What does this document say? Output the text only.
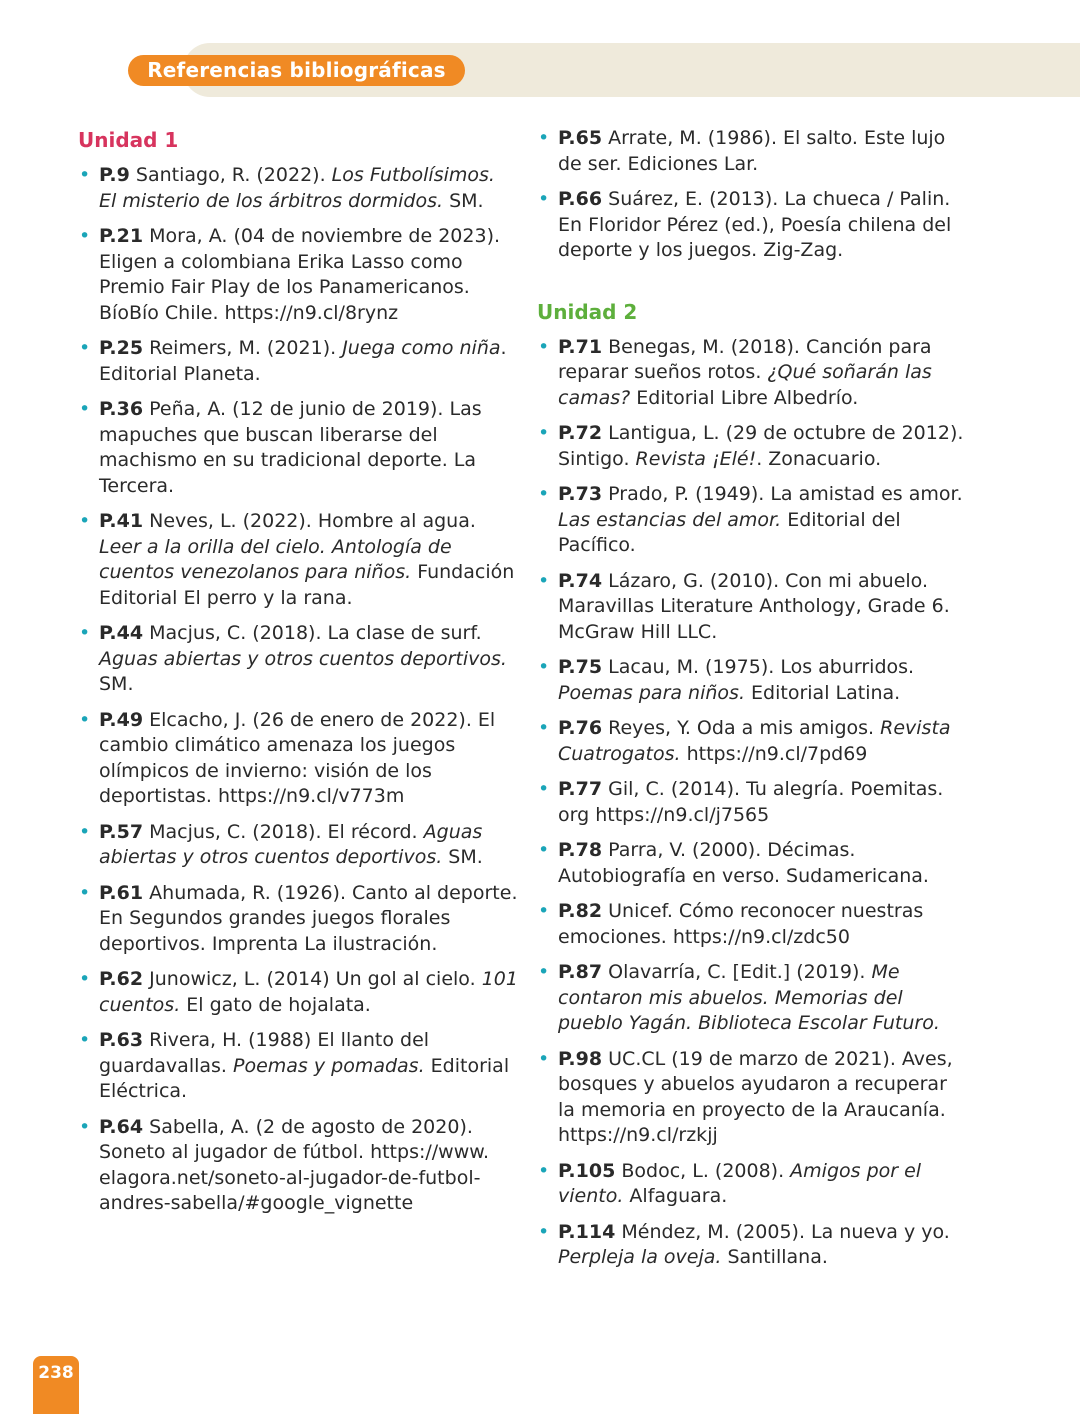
Referencias bibliográficas
Unidad 1
• P.9 Santiago, R. (2022). Los Futbolísimos. El misterio de los árbitros dormidos. SM.
• P.21 Mora, A. (04 de noviembre de 2023). Eligen a colombiana Erika Lasso como Premio Fair Play de los Panamericanos. BíoBío Chile. https://n9.cl/8rynz
• P.25 Reimers, M. (2021). Juega como niña. Editorial Planeta.
• P.36 Peña, A. (12 de junio de 2019). Las mapuches que buscan liberarse del machismo en su tradicional deporte. La Tercera.
• P.41 Neves, L. (2022). Hombre al agua. Leer a la orilla del cielo. Antología de cuentos venezolanos para niños. Fundación Editorial El perro y la rana.
• P.44 Macjus, C. (2018). La clase de surf. Aguas abiertas y otros cuentos deportivos. SM.
• P.49 Elcacho, J. (26 de enero de 2022). El cambio climático amenaza los juegos olímpicos de invierno: visión de los deportistas. https://n9.cl/v773m
• P.57 Macjus, C. (2018). El récord. Aguas abiertas y otros cuentos deportivos. SM.
• P.61 Ahumada, R. (1926). Canto al deporte. En Segundos grandes juegos florales deportivos. Imprenta La ilustración.
• P.62 Junowicz, L. (2014) Un gol al cielo. 101 cuentos. El gato de hojalata.
• P.63 Rivera, H. (1988) El llanto del guardavallas. Poemas y pomadas. Editorial Eléctrica.
• P.64 Sabella, A. (2 de agosto de 2020). Soneto al jugador de fútbol. https://www. elagora.net/soneto-al-jugador-de-futbol-andres-sabella/#google_vignette
• P.65 Arrate, M. (1986). El salto. Este lujo de ser. Ediciones Lar.
• P.66 Suárez, E. (2013). La chueca / Palin. En Floridor Pérez (ed.), Poesía chilena del deporte y los juegos. Zig-Zag.
Unidad 2
• P.71 Benegas, M. (2018). Canción para reparar sueños rotos. ¿Qué soñarán las camas? Editorial Libre Albedrío.
• P.72 Lantigua, L. (29 de octubre de 2012). Sintigo. Revista ¡Elé!. Zonacuario.
• P.73 Prado, P. (1949). La amistad es amor. Las estancias del amor. Editorial del Pacífico.
• P.74 Lázaro, G. (2010). Con mi abuelo. Maravillas Literature Anthology, Grade 6. McGraw Hill LLC.
• P.75 Lacau, M. (1975). Los aburridos. Poemas para niños. Editorial Latina.
• P.76 Reyes, Y. Oda a mis amigos. Revista Cuatrogatos. https://n9.cl/7pd69
• P.77 Gil, C. (2014). Tu alegría. Poemitas. org https://n9.cl/j7565
• P.78 Parra, V. (2000). Décimas. Autobiografía en verso. Sudamericana.
• P.82 Unicef. Cómo reconocer nuestras emociones. https://n9.cl/zdc50
• P.87 Olavarría, C. [Edit.] (2019). Me contaron mis abuelos. Memorias del pueblo Yagán. Biblioteca Escolar Futuro.
• P.98 UC.CL (19 de marzo de 2021). Aves, bosques y abuelos ayudaron a recuperar la memoria en proyecto de la Araucanía. https://n9.cl/rzkjj
• P.105 Bodoc, L. (2008). Amigos por el viento. Alfaguara.
• P.114 Méndez, M. (2005). La nueva y yo. Perpleja la oveja. Santillana.
238
